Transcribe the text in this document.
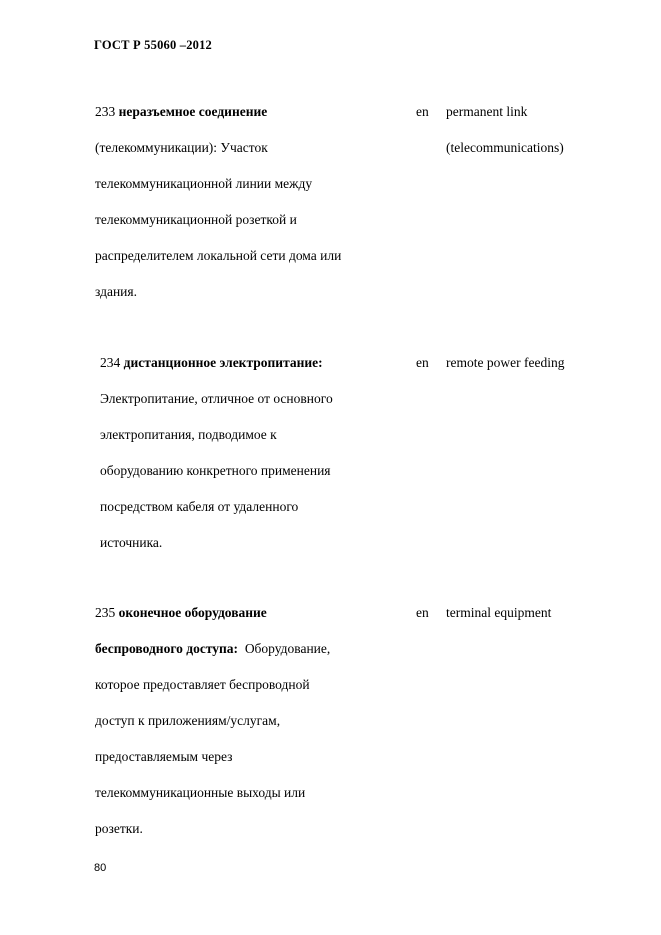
ГОСТ Р 55060 –2012
233 неразъемное соединение
(телекоммуникации): Участок
телекоммуникационной линии между
телекоммуникационной розеткой и
распределителем локальной сети дома или
здания.
en permanent link
(telecommunications)
234 дистанционное электропитание:
Электропитание, отличное от основного
электропитания, подводимое к
оборудованию конкретного применения
посредством кабеля от удаленного
источника.
en remote power feeding
235 оконечное оборудование
беспроводного доступа: Оборудование,
которое предоставляет беспроводной
доступ к приложениям/услугам,
предоставляемым через
телекоммуникационные выходы или
розетки.
en terminal equipment
80
